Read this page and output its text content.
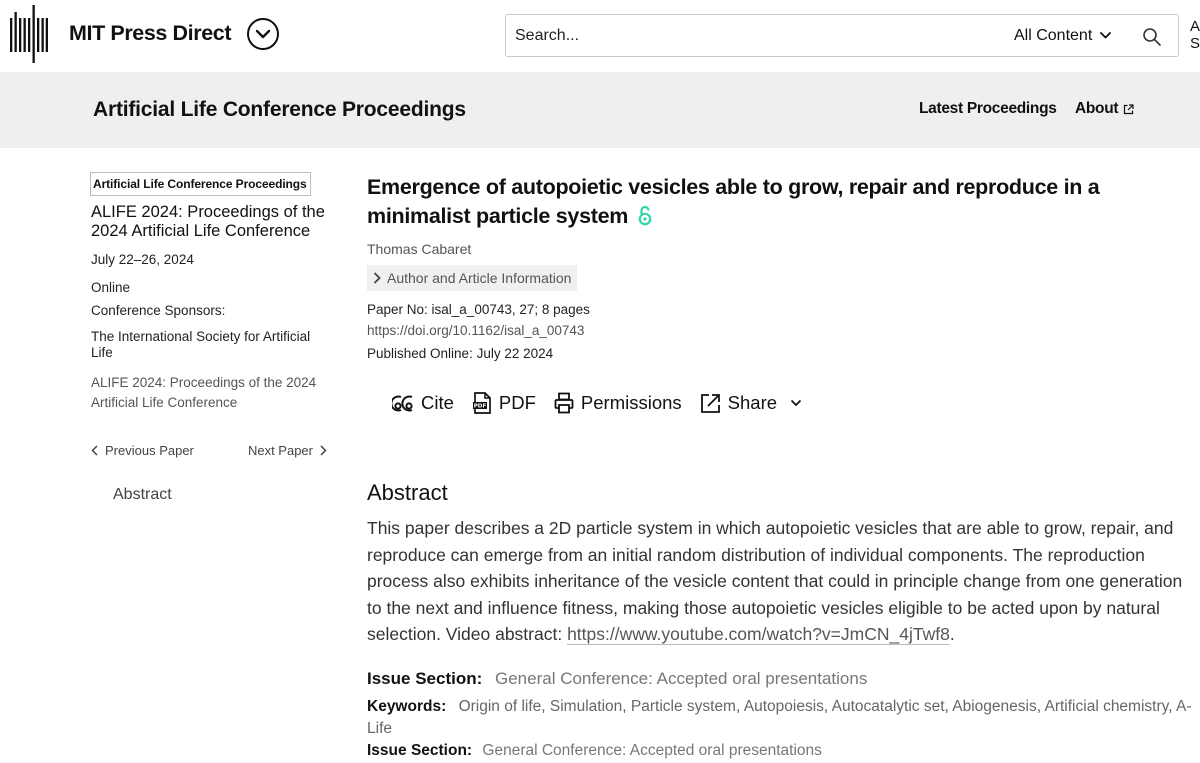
MIT Press Direct
Search...	All Content	A
S
Artificial Life Conference Proceedings	Latest Proceedings About
Artificial Life Conference Proceedings
ALIFE 2024: Proceedings of the 2024 Artificial Life Conference
July 22–26, 2024
Online
Conference Sponsors:
The International Society for Artificial Life
ALIFE 2024: Proceedings of the 2024 Artificial Life Conference
Previous Paper	Next Paper
Abstract
Emergence of autopoietic vesicles able to grow, repair and reproduce in a minimalist particle system
Thomas Cabaret
Author and Article Information
Paper No: isal_a_00743, 27; 8 pages
https://doi.org/10.1162/isal_a_00743
Published Online: July 22 2024
Cite	PDF PDF Permissions Share
Abstract

This paper describes a 2D particle system in which autopoietic vesicles that are able to grow, repair, and reproduce can emerge from an initial random distribution of individual components. The reproduction process also exhibits inheritance of the vesicle content that could in principle change from one generation to the next and influence fitness, making those autopoietic vesicles eligible to be acted upon by natural selection. Video abstract: https://www.youtube.com/watch?v=JmCN_4jTwf8.

Issue Section: General Conference: Accepted oral presentations
Keywords: Origin of life, Simulation, Particle system, Autopoiesis, Autocatalytic set, Abiogenesis, Artificial chemistry, A-Life
Issue Section: General Conference: Accepted oral presentations
